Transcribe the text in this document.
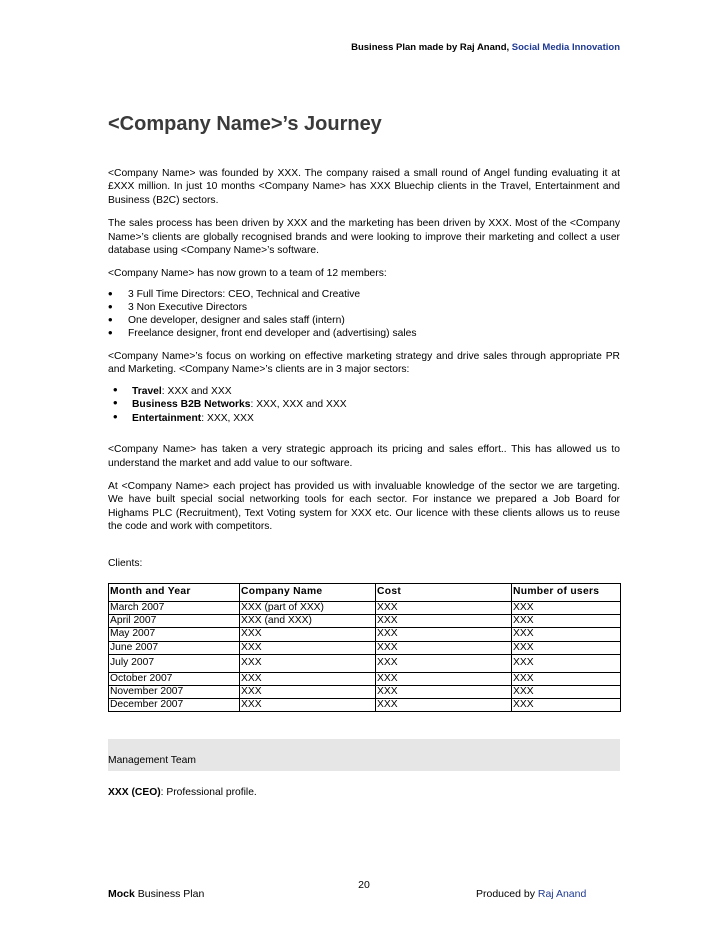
Business Plan made by Raj Anand, Social Media Innovation
<Company Name>’s Journey

<Company Name> was founded by XXX. The company raised a small round of Angel funding evaluating it at £XXX million. In just 10 months <Company Name> has XXX Bluechip clients in the Travel, Entertainment and Business (B2C) sectors.

The sales process has been driven by XXX and the marketing has been driven by XXX. Most of the <Company Name>’s clients are globally recognised brands and were looking to improve their marketing and collect a user database using <Company Name>’s software.

<Company Name> has now grown to a team of 12 members:

• 3 Full Time Directors: CEO, Technical and Creative
• 3 Non Executive Directors
• One developer, designer and sales staff (intern)
• Freelance designer, front end developer and (advertising) sales

<Company Name>’s focus on working on effective marketing strategy and drive sales through appropriate PR and Marketing. <Company Name>’s clients are in 3 major sectors:

• Travel: XXX and XXX
• Business B2B Networks: XXX, XXX and XXX
• Entertainment: XXX, XXX

<Company Name> has taken a very strategic approach its pricing and sales effort.. This has allowed us to understand the market and add value to our software.

At <Company Name> each project has provided us with invaluable knowledge of the sector we are targeting. We have built special social networking tools for each sector. For instance we prepared a Job Board for Highams PLC (Recruitment), Text Voting system for XXX etc. Our licence with these clients allows us to reuse the code and work with competitors.

Clients:

Month and Year	Company Name	Cost	Number of users
March 2007	XXX (part of XXX)	XXX	XXX
April 2007	XXX (and XXX)	XXX	XXX
May 2007	XXX	XXX	XXX
June 2007	XXX	XXX	XXX
July 2007	XXX	XXX	XXX
October 2007	XXX	XXX	XXX
November 2007	XXX	XXX	XXX
December 2007	XXX	XXX	XXX
Management Team

XXX (CEO): Professional profile.

20
Mock Business Plan	Produced by Raj Anand
